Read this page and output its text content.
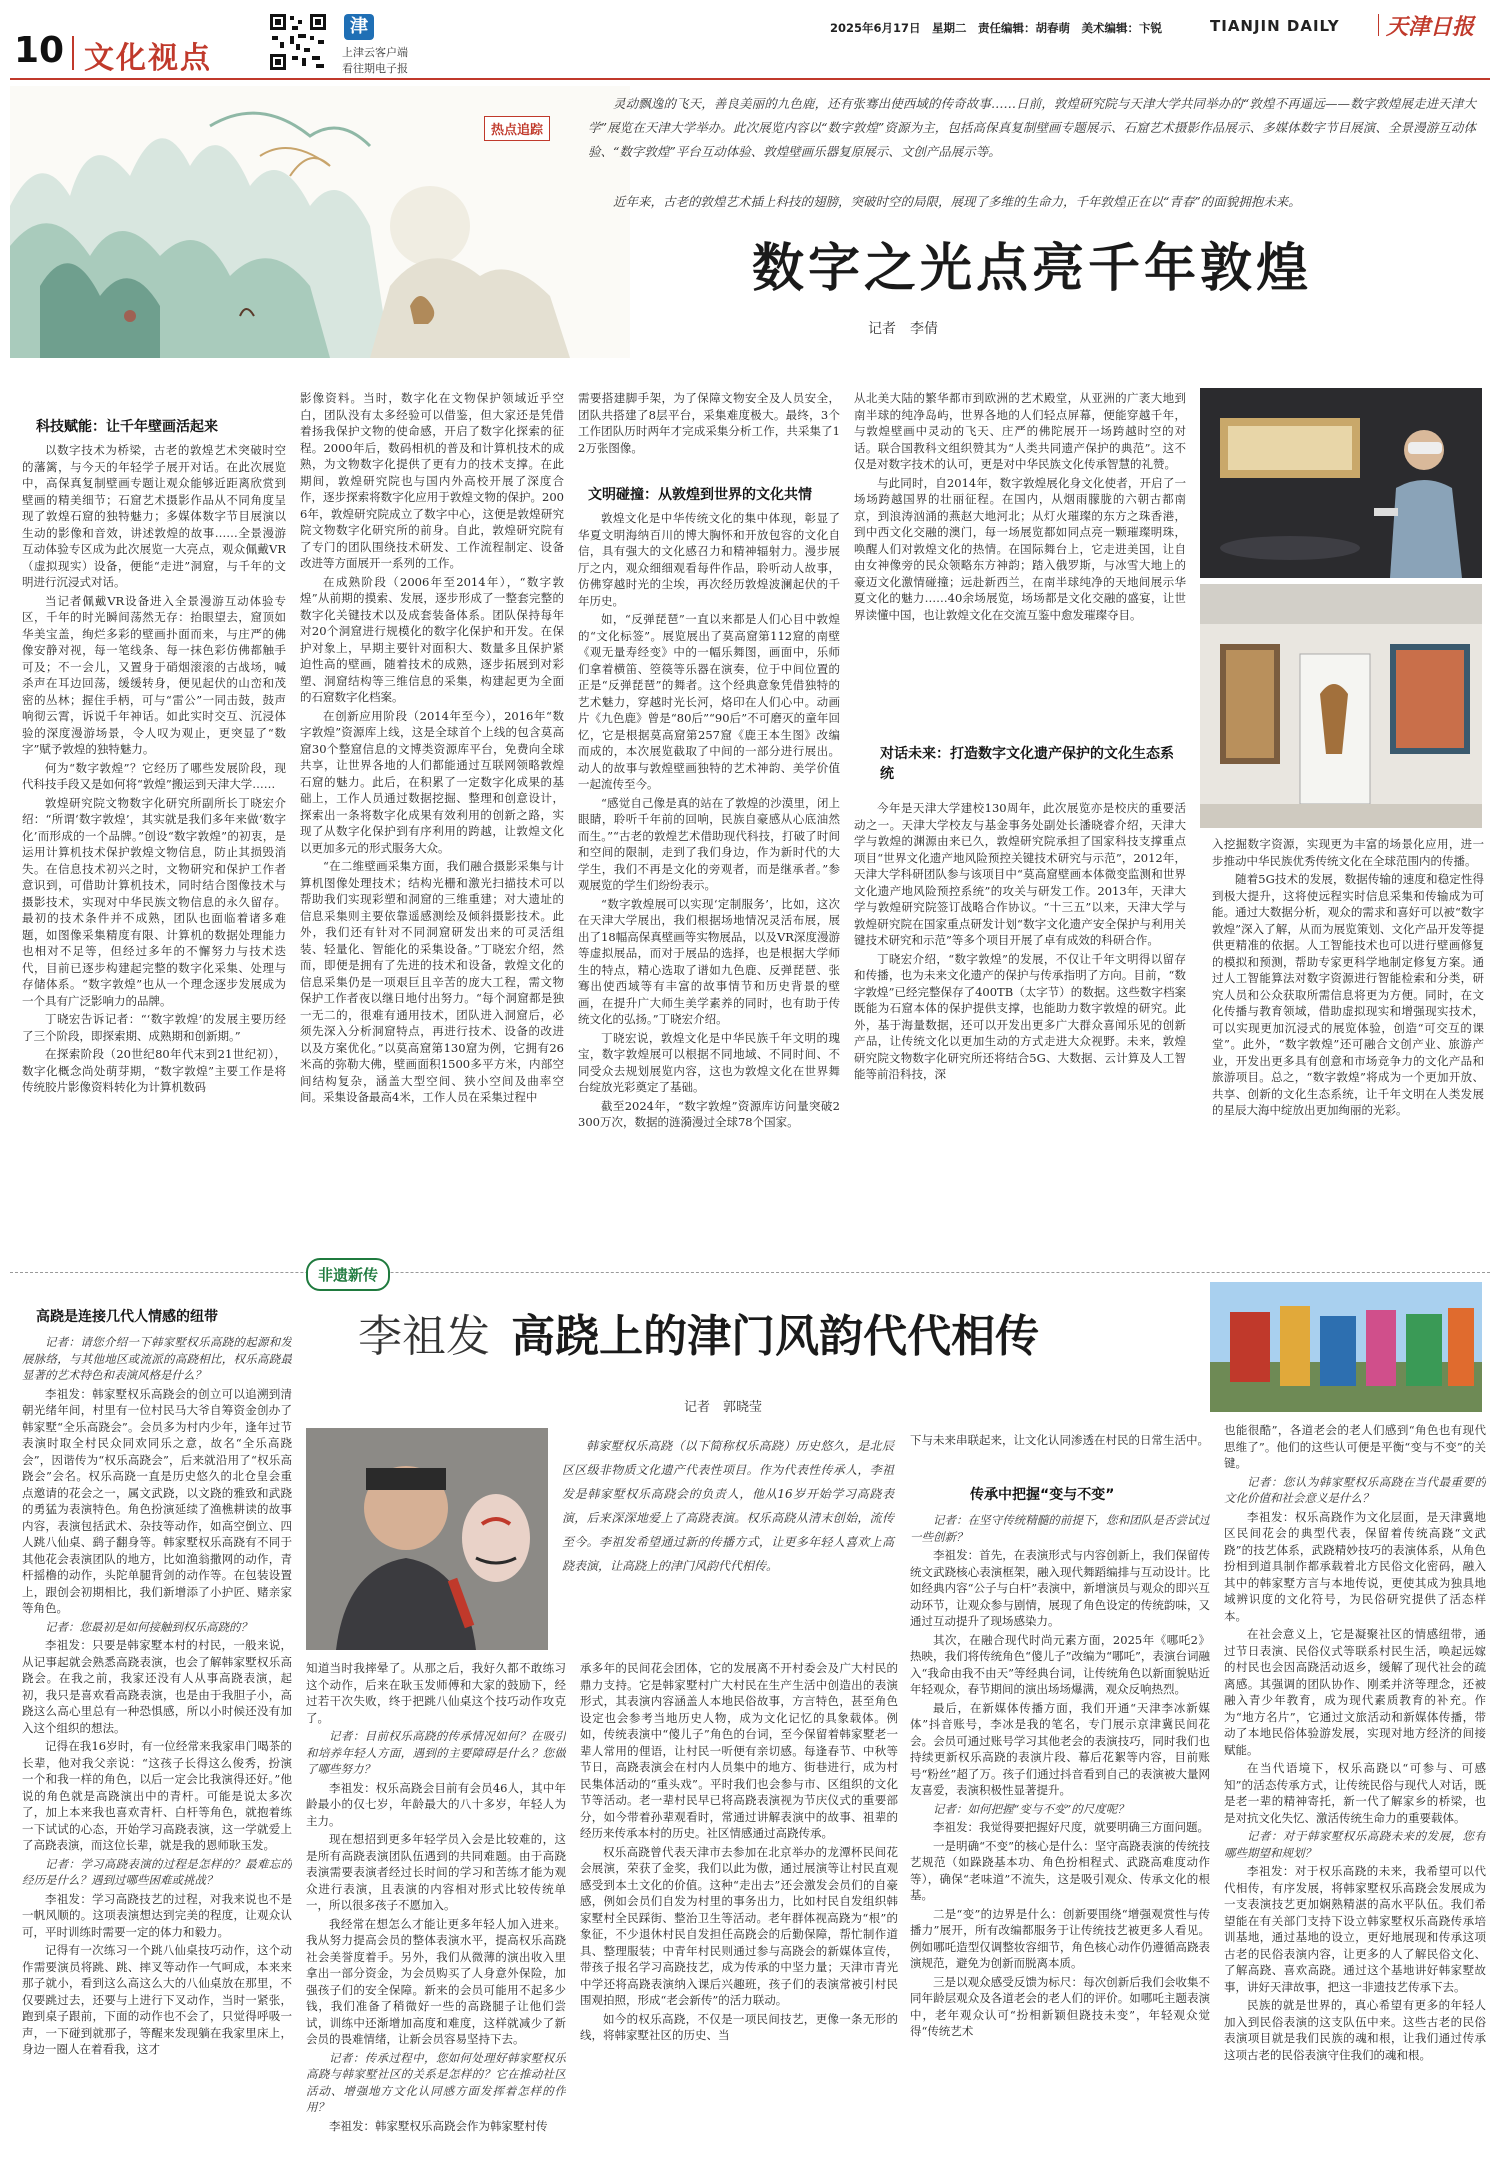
10 文化视点
津
上津云客户端
看往期电子报
2025年6月17日　星期二　责任编辑：胡春萌　美术编辑：卞锐	TIANJIN DAILY 天津日报
热点追踪
灵动飘逸的飞天，善良美丽的九色鹿，还有张骞出使西域的传奇故事……日前，敦煌研究院与天津大学共同举办的“敦煌不再遥远——数字敦煌展走进天津大学”展览在天津大学举办。此次展览内容以“数字敦煌”资源为主，包括高保真复制壁画专题展示、石窟艺术摄影作品展示、多媒体数字节目展演、全景漫游互动体验、“数字敦煌”平台互动体验、敦煌壁画乐器复原展示、文创产品展示等。
近年来，古老的敦煌艺术插上科技的翅膀，突破时空的局限，展现了多维的生命力，千年敦煌正在以“青春”的面貌拥抱未来。
数字之光点亮千年敦煌
记者　李倩
科技赋能：让千年壁画活起来

以数字技术为桥梁，古老的敦煌艺术突破时空的藩篱，与今天的年轻学子展开对话。在此次展览中，高保真复制壁画专题让观众能够近距离欣赏到壁画的精美细节；石窟艺术摄影作品从不同角度呈现了敦煌石窟的独特魅力；多媒体数字节目展演以生动的影像和音效，讲述敦煌的故事……全景漫游互动体验专区成为此次展览一大亮点，观众佩戴VR（虚拟现实）设备，便能“走进”洞窟，与千年的文明进行沉浸式对话。

当记者佩戴VR设备进入全景漫游互动体验专区，千年的时光瞬间荡然无存：抬眼望去，窟顶如华美宝盖，绚烂多彩的壁画扑面而来，与庄严的佛像安静对视，每一笔线条、每一抹色彩仿佛都触手可及；不一会儿，又置身于硝烟滚滚的古战场，喊杀声在耳边回荡，缓缓转身，便见起伏的山峦和茂密的丛林；握住手柄，可与“雷公”一同击鼓，鼓声响彻云霄，诉说千年神话。如此实时交互、沉浸体验的深度漫游场景，令人叹为观止，更突显了“数字”赋予敦煌的独特魅力。

何为“数字敦煌”？它经历了哪些发展阶段，现代科技手段又是如何将“敦煌”搬运到天津大学……

敦煌研究院文物数字化研究所副所长丁晓宏介绍：“所谓‘数字敦煌’，其实就是我们多年来做‘数字化’而形成的一个品牌。”创设“数字敦煌”的初衷，是运用计算机技术保护敦煌文物信息，防止其损毁消失。在信息技术初兴之时，文物研究和保护工作者意识到，可借助计算机技术，同时结合图像技术与摄影技术，实现对中华民族文物信息的永久留存。最初的技术条件并不成熟，团队也面临着诸多难题，如图像采集精度有限、计算机的数据处理能力也相对不足等，但经过多年的不懈努力与技术迭代，目前已逐步构建起完整的数字化采集、处理与存储体系。“数字敦煌”也从一个理念逐步发展成为一个具有广泛影响力的品牌。

丁晓宏告诉记者：“‘数字敦煌’的发展主要历经了三个阶段，即探索期、成熟期和创新期。”

在探索阶段（20世纪80年代末到21世纪初），数字化概念尚处萌芽期，“数字敦煌”主要工作是将传统胶片影像资料转化为计算机数码

影像资料。当时，数字化在文物保护领域近乎空白，团队没有太多经验可以借鉴，但大家还是凭借着扬我保护文物的使命感，开启了数字化探索的征程。2000年后，数码相机的普及和计算机技术的成熟，为文物数字化提供了更有力的技术支撑。在此期间，敦煌研究院也与国内外高校开展了深度合作，逐步探索将数字化应用于敦煌文物的保护。2006年，敦煌研究院成立了数字中心，这便是敦煌研究院文物数字化研究所的前身。自此，敦煌研究院有了专门的团队围绕技术研发、工作流程制定、设备改进等方面展开一系列的工作。

在成熟阶段（2006年至2014年），“数字敦煌”从前期的摸索、发展，逐步形成了一整套完整的数字化关键技术以及成套装备体系。团队保持每年对20个洞窟进行规模化的数字化保护和开发。在保护对象上，早期主要针对面积大、数量多且保护紧迫性高的壁画，随着技术的成熟，逐步拓展到对彩塑、洞窟结构等三维信息的采集，构建起更为全面的石窟数字化档案。

在创新应用阶段（2014年至今），2016年“数字敦煌”资源库上线，这是全球首个上线的包含莫高窟30个整窟信息的文博类资源库平台，免费向全球共享，让世界各地的人们都能通过互联网领略敦煌石窟的魅力。此后，在积累了一定数字化成果的基础上，工作人员通过数据挖掘、整理和创意设计，探索出一条将数字化成果有效利用的创新之路，实现了从数字化保护到有序利用的跨越，让敦煌文化以更加多元的形式服务大众。

“在二维壁画采集方面，我们融合摄影采集与计算机图像处理技术；结构光栅和激光扫描技术可以帮助我们实现彩塑和洞窟的三维重建；对大遗址的信息采集则主要依靠遥感测绘及倾斜摄影技术。此外，我们还有针对不同洞窟研发出来的可灵活组装、轻量化、智能化的采集设备。”丁晓宏介绍，然而，即便是拥有了先进的技术和设备，敦煌文化的信息采集仍是一项艰巨且辛苦的庞大工程，需文物保护工作者夜以继日地付出努力。“每个洞窟都是独一无二的，很难有通用技术，团队进入洞窟后，必须先深入分析洞窟特点，再进行技术、设备的改进以及方案优化。”以莫高窟第130窟为例，它拥有26米高的弥勒大佛，壁画面积1500多平方米，内部空间结构复杂，涵盖大型空间、狭小空间及曲率空间。采集设备最高4米，工作人员在采集过程中

需要搭建脚手架，为了保障文物安全及人员安全，团队共搭建了8层平台，采集难度极大。最终，3个工作团队历时两年才完成采集分析工作，共采集了12万张图像。

文明碰撞：从敦煌到世界的文化共情

敦煌文化是中华传统文化的集中体现，彰显了华夏文明海纳百川的博大胸怀和开放包容的文化自信，具有强大的文化感召力和精神辐射力。漫步展厅之内，观众细细观看每件作品，聆听动人故事，仿佛穿越时光的尘埃，再次经历敦煌波澜起伏的千年历史。

如，“反弹琵琶”一直以来都是人们心目中敦煌的“文化标签”。展览展出了莫高窟第112窟的南壁《观无量寿经变》中的一幅乐舞图，画面中，乐师们拿着横笛、箜篌等乐器在演奏，位于中间位置的正是“反弹琵琶”的舞者。这个经典意象凭借独特的艺术魅力，穿越时光长河，烙印在人们心中。动画片《九色鹿》曾是“80后”“90后”不可磨灭的童年回忆，它是根据莫高窟第257窟《鹿王本生图》改编而成的，本次展览截取了中间的一部分进行展出。动人的故事与敦煌壁画独特的艺术神韵、美学价值一起流传至今。

“感觉自己像是真的站在了敦煌的沙漠里，闭上眼睛，聆听千年前的回响，民族自豪感从心底油然而生。”“古老的敦煌艺术借助现代科技，打破了时间和空间的限制，走到了我们身边，作为新时代的大学生，我们不再是文化的旁观者，而是继承者。”参观展览的学生们纷纷表示。

“数字敦煌展可以实现‘定制服务’，比如，这次在天津大学展出，我们根据场地情况灵活布展，展出了18幅高保真壁画等实物展品，以及VR深度漫游等虚拟展品，而对于展品的选择，也是根据大学师生的特点，精心选取了谱如九色鹿、反弹琵琶、张骞出使西域等有丰富的故事情节和历史背景的壁画，在提升广大师生美学素养的同时，也有助于传统文化的弘扬。”丁晓宏介绍。

丁晓宏说，敦煌文化是中华民族千年文明的瑰宝，数字敦煌展可以根据不同地域、不同时间、不同受众去规划展览内容，这也为敦煌文化在世界舞台绽放光彩奠定了基础。

截至2024年，“数字敦煌”资源库访问量突破2300万次，数据的涟漪漫过全球78个国家。

从北美大陆的繁华都市到欧洲的艺术殿堂，从亚洲的广袤大地到南半球的纯净岛屿，世界各地的人们轻点屏幕，便能穿越千年，与敦煌壁画中灵动的飞天、庄严的佛陀展开一场跨越时空的对话。联合国教科文组织赞其为“人类共同遗产保护的典范”。这不仅是对数字技术的认可，更是对中华民族文化传承智慧的礼赞。

与此同时，自2014年，数字敦煌展化身文化使者，开启了一场场跨越国界的壮丽征程。在国内，从烟雨朦胧的六朝古都南京，到浪涛汹涌的燕赵大地河北；从灯火璀璨的东方之珠香港，到中西文化交融的澳门，每一场展览都如同点亮一颗璀璨明珠，唤醒人们对敦煌文化的热情。在国际舞台上，它走进美国，让自由女神像旁的民众领略东方神韵；踏入俄罗斯，与冰雪大地上的豪迈文化激情碰撞；远赴新西兰，在南半球纯净的天地间展示华夏文化的魅力……40余场展览，场场都是文化交融的盛宴，让世界读懂中国，也让敦煌文化在交流互鉴中愈发璀璨夺目。

对话未来：打造数字文化遗产保护的文化生态系统

今年是天津大学建校130周年，此次展览亦是校庆的重要活动之一。天津大学校友与基金事务处副处长潘晓睿介绍，天津大学与敦煌的渊源由来已久，敦煌研究院承担了国家科技支撑重点项目“世界文化遗产地风险预控关键技术研究与示范”，2012年，天津大学科研团队参与该项目中“莫高窟壁画本体微变监测和世界文化遗产地风险预控系统”的攻关与研发工作。2013年，天津大学与敦煌研究院签订战略合作协议。“十三五”以来，天津大学与敦煌研究院在国家重点研发计划“数字文化遗产安全保护与利用关键技术研究和示范”等多个项目开展了卓有成效的科研合作。

丁晓宏介绍，“数字敦煌”的发展，不仅让千年文明得以留存和传播，也为未来文化遗产的保护与传承指明了方向。目前，“数字敦煌”已经完整保存了400TB（太字节）的数据。这些数字档案既能为石窟本体的保护提供支撑，也能助力数字敦煌的研究。此外，基于海量数据，还可以开发出更多广大群众喜闻乐见的创新产品，让传统文化以更加生动的方式走进大众视野。未来，敦煌研究院文物数字化研究所还将结合5G、大数据、云计算及人工智能等前沿科技，深

入挖掘数字资源，实现更为丰富的场景化应用，进一步推动中华民族优秀传统文化在全球范围内的传播。

随着5G技术的发展，数据传输的速度和稳定性得到极大提升，这将使远程实时信息采集和传输成为可能。通过大数据分析，观众的需求和喜好可以被“数字敦煌”深入了解，从而为展览策划、文化产品开发等提供更精准的依据。人工智能技术也可以进行壁画修复的模拟和预测，帮助专家更科学地制定修复方案。通过人工智能算法对数字资源进行智能检索和分类，研究人员和公众获取所需信息将更为方便。同时，在文化传播与教育领域，借助虚拟现实和增强现实技术，可以实现更加沉浸式的展览体验，创造“可交互的课堂”。此外，“数字敦煌”还可融合文创产业、旅游产业，开发出更多具有创意和市场竞争力的文化产品和旅游项目。总之，“数字敦煌”将成为一个更加开放、共享、创新的文化生态系统，让千年文明在人类发展的星辰大海中绽放出更加绚丽的光彩。

非遗新传
高跷是连接几代人情感的纽带	李祖发 高跷上的津门风韵代代相传
记者　郭晓莹
韩家墅权乐高跷（以下简称权乐高跷）历史悠久，是北辰区区级非物质文化遗产代表性项目。作为代表性传承人，李祖发是韩家墅权乐高跷会的负责人，他从16岁开始学习高跷表演，后来深深地爱上了高跷表演。权乐高跷从清末创始，流传至今。李祖发希望通过新的传播方式，让更多年轻人喜欢上高跷表演，让高跷上的津门风韵代代相传。

记者：请您介绍一下韩家墅权乐高跷的起源和发展脉络，与其他地区或流派的高跷相比，权乐高跷最显著的艺术特色和表演风格是什么？

李祖发：韩家墅权乐高跷会的创立可以追溯到清朝光绪年间，村里有一位村民马大爷自筹资金创办了韩家墅“全乐高跷会”。会员多为村内少年，逢年过节表演时取全村民众同欢同乐之意，故名“全乐高跷会”，因谐传为“权乐高跷会”，后来就沿用了“权乐高跷会”会名。权乐高跷一直是历史悠久的北仓皇会重点邀请的花会之一，属文武跷，以文跷的雅致和武跷的勇猛为表演特色。角色扮演延续了渔樵耕读的故事内容，表演包括武术、杂技等动作，如高空倒立、四人跳八仙桌、鹞子翻身等。韩家墅权乐高跷有不同于其他花会表演团队的地方，比如渔翁撒网的动作，青杆摇橹的动作，头陀单腿背剑的动作等。在包装设置上，跟创会初期相比，我们新增添了小护匠、赌亲家等角色。

记者：您最初是如何接触到权乐高跷的？

李祖发：只要是韩家墅本村的村民，一般来说，从记事起就会熟悉高跷表演，也会了解韩家墅权乐高跷会。在我之前，我家还没有人从事高跷表演，起初，我只是喜欢看高跷表演，也是由于我胆子小，高跷这么高心里总有一种恐惧感，所以小时候还没有加入这个组织的想法。

记得在我16岁时，有一位经常来我家串门喝茶的长辈，他对我父亲说：“这孩子长得这么俊秀，扮演一个和我一样的角色，以后一定会比我演得还好。”他说的角色就是高跷演出中的青杆。可能是说太多次了，加上本来我也喜欢青杆、白杆等角色，就抱着练一下试试的心态，开始学习高跷表演，这一学就爱上了高跷表演，而这位长辈，就是我的恩师耿玉发。

记者：学习高跷表演的过程是怎样的？最难忘的经历是什么？遇到过哪些困难或挑战？

李祖发：学习高跷技艺的过程，对我来说也不是一帆风顺的。这项表演想达到完美的程度，让观众认可，平时训练时需要一定的体力和毅力。

记得有一次练习一个跳八仙桌技巧动作，这个动作需要演员将跳、跳、摔叉等动作一气呵成，本来来那子就小，看到这么高这么大的八仙桌放在那里，不仅要跳过去，还要与上进行下叉动作，当时一紧张，跑到桌子跟前，下面的动作也不会了，只觉得呼吸一声，一下碰到就那子，等醒来发现躺在我家里床上，身边一圈人在着看我，这才

知道当时我摔晕了。从那之后，我好久都不敢练习这个动作，后来在耿玉发师傅和大家的鼓励下，经过若干次失败，终于把跳八仙桌这个技巧动作攻克了。

记者：目前权乐高跷的传承情况如何？在吸引和培养年轻人方面，遇到的主要障碍是什么？您做了哪些努力？

李祖发：权乐高跷会目前有会员46人，其中年龄最小的仅七岁，年龄最大的八十多岁，年轻人为主力。

现在想招到更多年轻学员入会是比较难的，这是所有高跷表演团队伍遇到的共同难题。由于高跷表演需要表演者经过长时间的学习和苦练才能为观众进行表演，且表演的内容相对形式比较传统单一，所以很多孩子不愿加入。

我经常在想怎么才能让更多年轻人加入进来。我从努力提高会员的整体表演水平，提高权乐高跷社会美誉度着手。另外，我们从微薄的演出收入里拿出一部分资金，为会员购买了人身意外保险，加强孩子们的安全保障。新来的会员可能用不起多少钱，我们准备了稍微好一些的高跷腿子让他们尝试，训练中还渐增加高度和难度，这样就减少了新会员的畏难情绪，让新会员容易坚持下去。

记者：传承过程中，您如何处理好韩家墅权乐高跷与韩家墅社区的关系是怎样的？它在推动社区活动、增强地方文化认同感方面发挥着怎样的作用？

李祖发：韩家墅权乐高跷会作为韩家墅村传

承多年的民间花会团体，它的发展离不开村委会及广大村民的鼎力支持。它是韩家墅村广大村民在生产生活中创造出的表演形式，其表演内容涵盖人本地民俗故事，方言特色，甚至角色设定也会参考当地历史人物，成为文化记忆的具象载体。例如，传统表演中“傻儿子”角色的台词，至今保留着韩家墅老一辈人常用的俚语，让村民一听便有亲切感。每逢春节、中秋等节日，高跷表演会在村内人员集中的地方、街巷进行，成为村民集体活动的“重头戏”。平时我们也会参与市、区组织的文化节等活动。老一辈村民早已将高跷表演视为节庆仪式的重要部分，如今带着孙辈观看时，常通过讲解表演中的故事、祖辈的经历来传承本村的历史。社区情感通过高跷传承。

权乐高跷曾代表天津市去参加在北京举办的龙潭杯民间花会展演，荣获了金奖，我们以此为傲，通过展演等让村民直观感受到本土文化的价值。这种“走出去”还会激发会员们的自豪感，例如会员们自发为村里的事务出力，比如村民自发组织韩家墅村全民踩街、整治卫生等活动。老年群体视高跷为“根”的象征，不少退休村民自发担任高跷会的后勤保障，帮忙制作道具、整理服装；中青年村民则通过参与高跷会的新媒体宣传，带孩子报名学习高跷技艺，成为传承的中坚力量；天津市青光中学还将高跷表演纳入课后兴趣班，孩子们的表演常被引村民围观拍照，形成“老会新传”的活力联动。

如今的权乐高跷，不仅是一项民间技艺，更像一条无形的线，将韩家墅社区的历史、当

下与未来串联起来，让文化认同渗透在村民的日常生活中。

传承中把握“变与不变”

记者：在坚守传统精髓的前提下，您和团队是否尝试过一些创新？

李祖发：首先，在表演形式与内容创新上，我们保留传统文武跷核心表演框架，融入现代舞蹈编排与互动设计。比如经典内容“公子与白杆”表演中，新增演员与观众的即兴互动环节，让观众参与剧情，展现了角色设定的传统韵味，又通过互动提升了现场感染力。

其次，在融合现代时尚元素方面，2025年《哪吒2》热映，我们将传统角色“傻儿子”改编为“哪吒”，表演台词融入“我命由我不由天”等经典台词，让传统角色以新面貌贴近年轻观众，春节期间的演出场场爆满，观众反响热烈。

最后，在新媒体传播方面，我们开通“天津李冰新媒体”抖音账号，李冰是我的笔名，专门展示京津冀民间花会。会员可通过账号学习其他老会的表演技巧，同时我们也持续更新权乐高跷的表演片段、幕后花絮等内容，目前账号“粉丝”超了万。孩子们通过抖音看到自己的表演被大量网友喜爱，表演积极性显著提升。

记者：如何把握“变与不变”的尺度呢？

李祖发：我觉得要把握好尺度，就要明确三方面问题。

一是明确“不变”的核心是什么：坚守高跷表演的传统技艺规范（如跺跷基本功、角色扮相程式、武跷高难度动作等），确保“老味道”不流失，这是吸引观众、传承文化的根基。

二是“变”的边界是什么：创新要围绕“增强观赏性与传播力”展开，所有改编都服务于让传统技艺被更多人看见。例如哪吒造型仅调整妆容细节，角色核心动作仍遵循高跷表演规范，避免为创新而脱离本质。

三是以观众感受反馈为标尺：每次创新后我们会收集不同年龄层观众及各道老会的老人们的评价。如哪吒主题表演中，老年观众认可“扮相新颖但跷技未变”，年轻观众觉得“传统艺术

也能很酷”，各道老会的老人们感到“角色也有现代思维了”。他们的这些认可便是平衡“变与不变”的关键。

记者：您认为韩家墅权乐高跷在当代最重要的文化价值和社会意义是什么？

李祖发：权乐高跷作为文化层面，是天津冀地区民间花会的典型代表，保留着传统高跷“文武跷”的技艺体系，武跷精妙技巧的表演体系，从角色扮相到道具制作都承载着北方民俗文化密码，融入其中的韩家墅方言与本地传说，更使其成为独具地域辨识度的文化符号，为民俗研究提供了活态样本。

在社会意义上，它是凝聚社区的情感纽带，通过节日表演、民俗仪式等联系村民生活，唤起远嫁的村民也会因高跷活动返乡，缓解了现代社会的疏离感。其强调的团队协作、刚柔并济等理念，还被融入青少年教育，成为现代素质教育的补充。作为“地方名片”，它通过文旅活动和新媒体传播，带动了本地民俗体验游发展，实现对地方经济的间接赋能。

在当代语境下，权乐高跷以“可参与、可感知”的活态传承方式，让传统民俗与现代人对话，既是老一辈的精神寄托，新一代了解家乡的桥梁，也是对抗文化失忆、激活传统生命力的重要载体。

记者：对于韩家墅权乐高跷未来的发展，您有哪些期望和规划？

李祖发：对于权乐高跷的未来，我希望可以代代相传，有序发展，将韩家墅权乐高跷会发展成为一支表演技艺更加娴熟精湛的高水平队伍。我们希望能在有关部门支持下设立韩家墅权乐高跷传承培训基地，通过基地的设立，更好地展现和传承这项古老的民俗表演内容，让更多的人了解民俗文化、了解高跷、喜欢高跷。通过这个基地讲好韩家墅故事，讲好天津故事，把这一非遗技艺传承下去。

民族的就是世界的，真心希望有更多的年轻人加入到民俗表演的这支队伍中来。这些古老的民俗表演项目就是我们民族的魂和根，让我们通过传承这项古老的民俗表演守住我们的魂和根。
